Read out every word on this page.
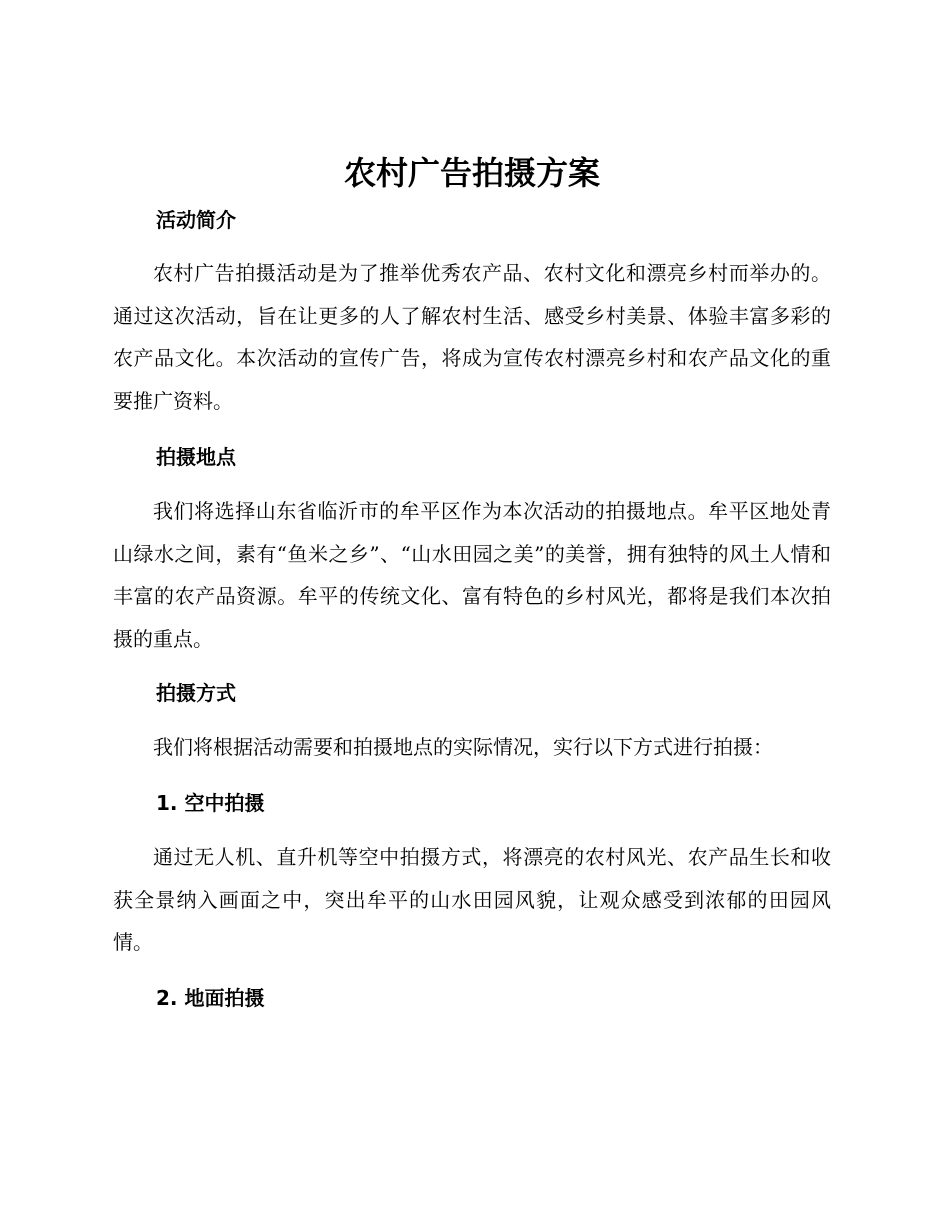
农村广告拍摄方案
活动简介

农村广告拍摄活动是为了推举优秀农产品、农村文化和漂亮乡村而举办的。通过这次活动，旨在让更多的人了解农村生活、感受乡村美景、体验丰富多彩的农产品文化。本次活动的宣传广告，将成为宣传农村漂亮乡村和农产品文化的重要推广资料。

拍摄地点

我们将选择山东省临沂市的牟平区作为本次活动的拍摄地点。牟平区地处青山绿水之间，素有“鱼米之乡”、“山水田园之美”的美誉，拥有独特的风土人情和丰富的农产品资源。牟平的传统文化、富有特色的乡村风光，都将是我们本次拍摄的重点。

拍摄方式

我们将根据活动需要和拍摄地点的实际情况，实行以下方式进行拍摄：

1. 空中拍摄

通过无人机、直升机等空中拍摄方式，将漂亮的农村风光、农产品生长和收获全景纳入画面之中，突出牟平的山水田园风貌，让观众感受到浓郁的田园风情。

2. 地面拍摄
